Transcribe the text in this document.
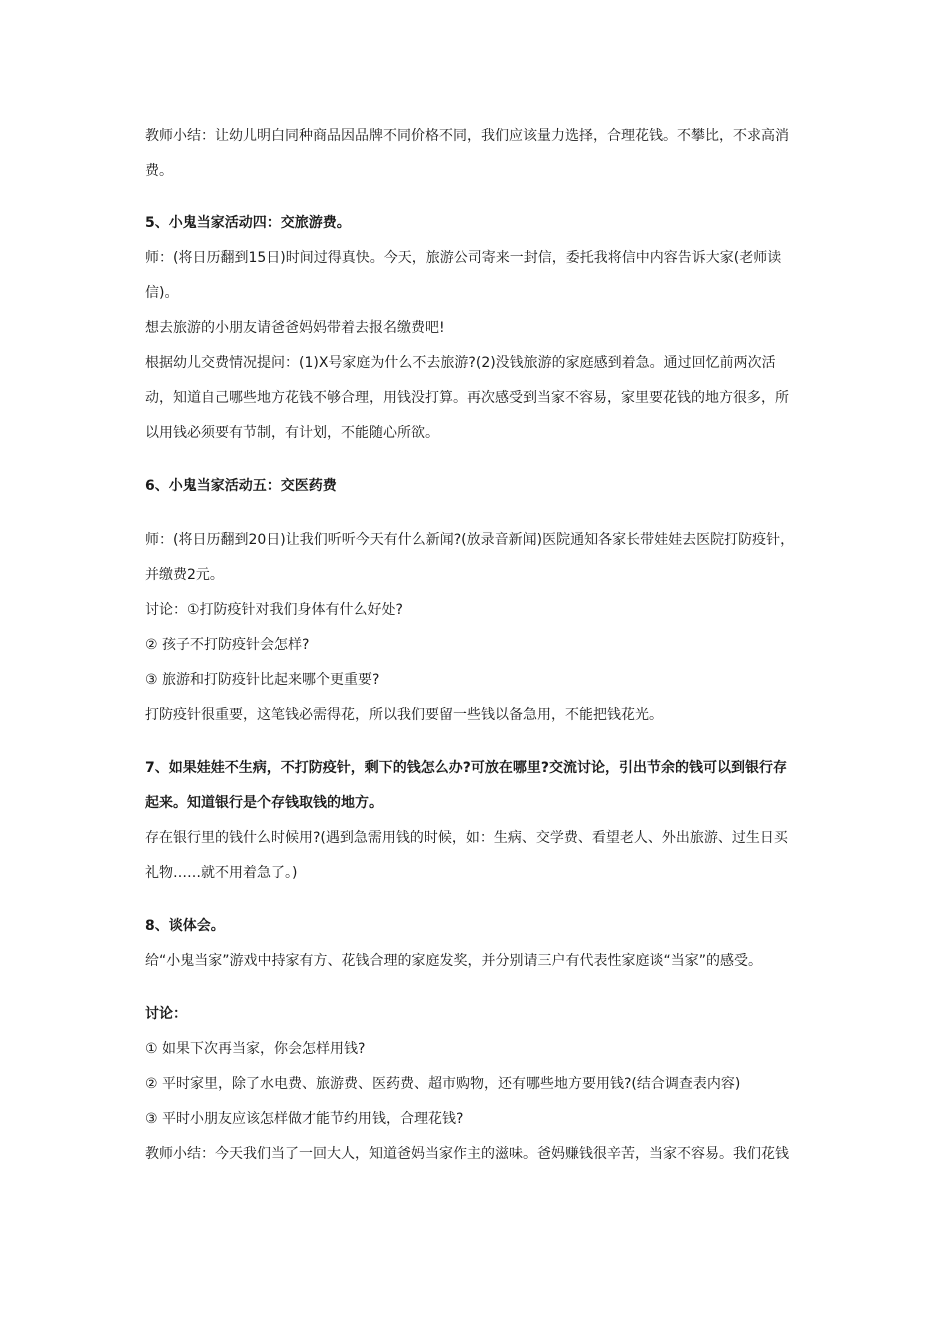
教师小结：让幼儿明白同种商品因品牌不同价格不同，我们应该量力选择，合理花钱。不攀比，不求高消
费。
5、小鬼当家活动四：交旅游费。
师：(将日历翻到15日)时间过得真快。今天，旅游公司寄来一封信，委托我将信中内容告诉大家(老师读
信)。
想去旅游的小朋友请爸爸妈妈带着去报名缴费吧!
根据幼儿交费情况提问：(1)X号家庭为什么不去旅游?(2)没钱旅游的家庭感到着急。通过回忆前两次活
动，知道自己哪些地方花钱不够合理，用钱没打算。再次感受到当家不容易，家里要花钱的地方很多，所
以用钱必须要有节制，有计划，不能随心所欲。
6、小鬼当家活动五：交医药费
师：(将日历翻到20日)让我们听听今天有什么新闻?(放录音新闻)医院通知各家长带娃娃去医院打防疫针，
并缴费2元。
讨论：①打防疫针对我们身体有什么好处?
② 孩子不打防疫针会怎样?
③ 旅游和打防疫针比起来哪个更重要?
打防疫针很重要，这笔钱必需得花，所以我们要留一些钱以备急用，不能把钱花光。
7、如果娃娃不生病，不打防疫针，剩下的钱怎么办?可放在哪里?交流讨论，引出节余的钱可以到银行存
起来。知道银行是个存钱取钱的地方。
存在银行里的钱什么时候用?(遇到急需用钱的时候，如：生病、交学费、看望老人、外出旅游、过生日买
礼物……就不用着急了。)
8、谈体会。
给“小鬼当家”游戏中持家有方、花钱合理的家庭发奖，并分别请三户有代表性家庭谈“当家”的感受。
讨论：
① 如果下次再当家，你会怎样用钱?
② 平时家里，除了水电费、旅游费、医药费、超市购物，还有哪些地方要用钱?(结合调查表内容)
③ 平时小朋友应该怎样做才能节约用钱，合理花钱?
教师小结：今天我们当了一回大人，知道爸妈当家作主的滋味。爸妈赚钱很辛苦，当家不容易。我们花钱
